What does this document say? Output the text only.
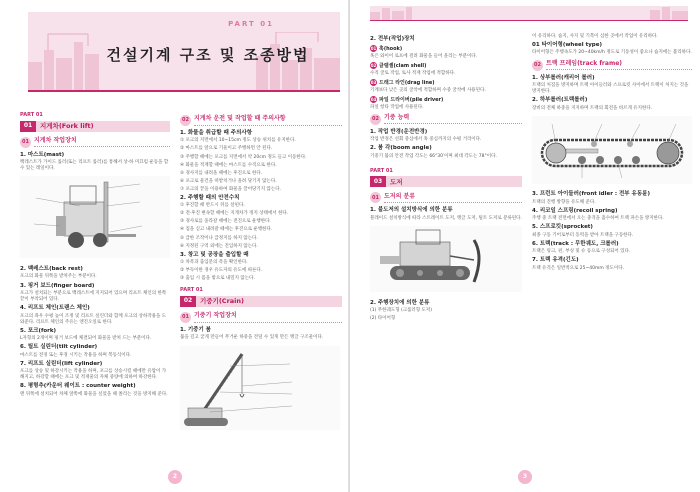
PART 01
건설기계 구조 및 조종방법
PART 01
01	지게차(Fork lift)
01 지게차 작업장치
1. 마스트(mast)
백레스트가 가이드 롤러(또는 리프트 롤러)를 통해서 상·하 미끄럼 운동을 할 수 있는 레일이다.
2. 백레스트(back rest)
포크의 화물 뒤쪽을 받쳐주는 부분이다.
3. 핑거 보드(finger board)
포크가 설치되는 부분으로 백레스트에 지지되어 있으며 리프트 체인의 한쪽 끝이 부착되어 있다.
4. 리프트 체인(트랜스 체인)
포크의 좌우 수평 높이 조정 및 리프트 실린더와 함께 포크의 상하작용을 도와준다. 리프트 체인의 주유는 엔진오일로 한다.
5. 포크(fork)
L자형의 2개이며 핑거 보드에 체결되어 화물을 받쳐 드는 부분이다.
6. 틸트 실린더(tilt cylinder)
마스트를 전경 또는 후경 시키는 작용을 하며 복동식이다.
7. 리프트 실린더(lift cylinder)
포크를 상승 및 하강시키는 작용을 하며, 포크를 상승시킬 때에만 유압이 가해지고, 하강할 때에는 포크 및 적재물의 자체 중량에 의하여 하강한다.
8. 평형추(카운터 웨이트 : counter weight)
맨 뒤쪽에 설치되어 차체 앞쪽에 화물을 실었을 때 쏠리는 것을 방지해 준다.
02 지게차 운전 및 작업할 때 주의사항
1. 화물을 취급할 때 주의사항
① 포크의 지면에서 10~15cm 정도 상승 위치를 유지한다.
② 마스트를 앞으로 기울이고 주행하면 안 된다.
③ 주행할 때에는 포크를 지면에서 약 20cm 정도 들고 이동한다.
④ 화물을 적재할 때에는 마스트를 수직으로 한다.
⑤ 경사지를 내려올 때에는 후진으로 한다.
⑥ 포크로 물건을 떠받치거나 올려 당기지 않는다.
⑦ 포크의 끝을 이용하여 화물을 끌어당기지 않는다.
2. 주행할 때의 안전수칙
① 후진할 때 반드시 뒤를 살핀다.
② 전·후진 변속할 때에는 지게차가 정지 상태에서 한다.
③ 경사로를 올라갈 때에는 전진으로 운행한다.
④ 짐을 싣고 내려갈 때에는 후진으로 운행한다.
⑤ 급한 조작이나 급정지를 하지 않는다.
⑥ 지정된 구역 외에는 진입하지 않는다.
3. 창고 및 공장을 출입할 때
① 차폭과 출입문의 폭을 확인한다.
② 부득이한 경우 유도자의 유도에 따른다.
③ 출입 시 몸을 밖으로 내밀지 않는다.
PART 01
02	기중기(Crain)
01 기중기 작업장치
1. 기중기 붐
붐을 길고 굳게 만들어 무거운 하중을 견딜 수 있게 만든 앵글 구조물이다.
2
2. 전부(작업)장치
01 훅(hook)
혹은 와이어 로프에 걸려 화물을 들어 올리는 부분이다.
02 클램셸(clam shell)
수직 굴토 작업, 토사 적재 작업에 적합하다.
03 드래그 라인(drag line)
기계보다 낮은 곳의 굴착에 적합하며 수중 굴착에 사용된다.
04 파일 드라이버(pile driver)
파일 항타 작업에 사용된다.
02 기중 능력
1. 작업 반경(운전반경)
작업 반경은 선회 중심에서 혹 중심까지의 수평 거리이다.
2. 붐 각(boom angle)
기중기 붐의 안전 작업 각도는 66°30′이며 최대 각도는 78°이다.
PART 01
03	도저
01 도저의 분류
1. 불도저의 설치방식에 의한 분류
블레이드 설치방식에 따라 스트레이트 도저, 앵글 도저, 틸트 도저로 분류된다.
2. 주행장치에 의한 분류
(1) 무한궤도형 (크롤러형 도저)
(2) 타이어형
이 유리하다. 습지, 사지 및 기복이 심한 곳에서 작업이 유리하다.
01 타이어형(wheel type)
타이어형은 주행속도가 20~40km/h 정도로 기동성이 좋으나 습지에는 불리하다.
02 트랙 프레임(track frame)
1. 상부롤러(캐리어 롤러)
트랙의 처짐을 방지하며 트랙 아이들러와 스프로킷 사이에서 트랙이 처지는 것을 방지한다.
2. 하부롤러(트랙롤러)
장비의 전체 하중을 지지하며 트랙의 회전을 바르게 유지한다.
3. 프런트 아이들러(front idler : 전부 유동륜)
트랙의 진행 방향을 유도해 준다.
4. 리코일 스프링(recoil spring)
주행 중 트랙 전면에서 오는 충격을 흡수하여 트랙 파손을 방지한다.
5. 스프로킷(sprocket)
최종 구동 기어로부터 동력을 받아 트랙을 구동한다.
6. 트랙(track : 무한궤도, 크롤러)
트랙은 링크, 핀, 부싱 및 슈 등으로 구성되어 있다.
7. 트랙 유격(긴도)
트랙 유격은 일반적으로 25~40mm 정도이다.
3
